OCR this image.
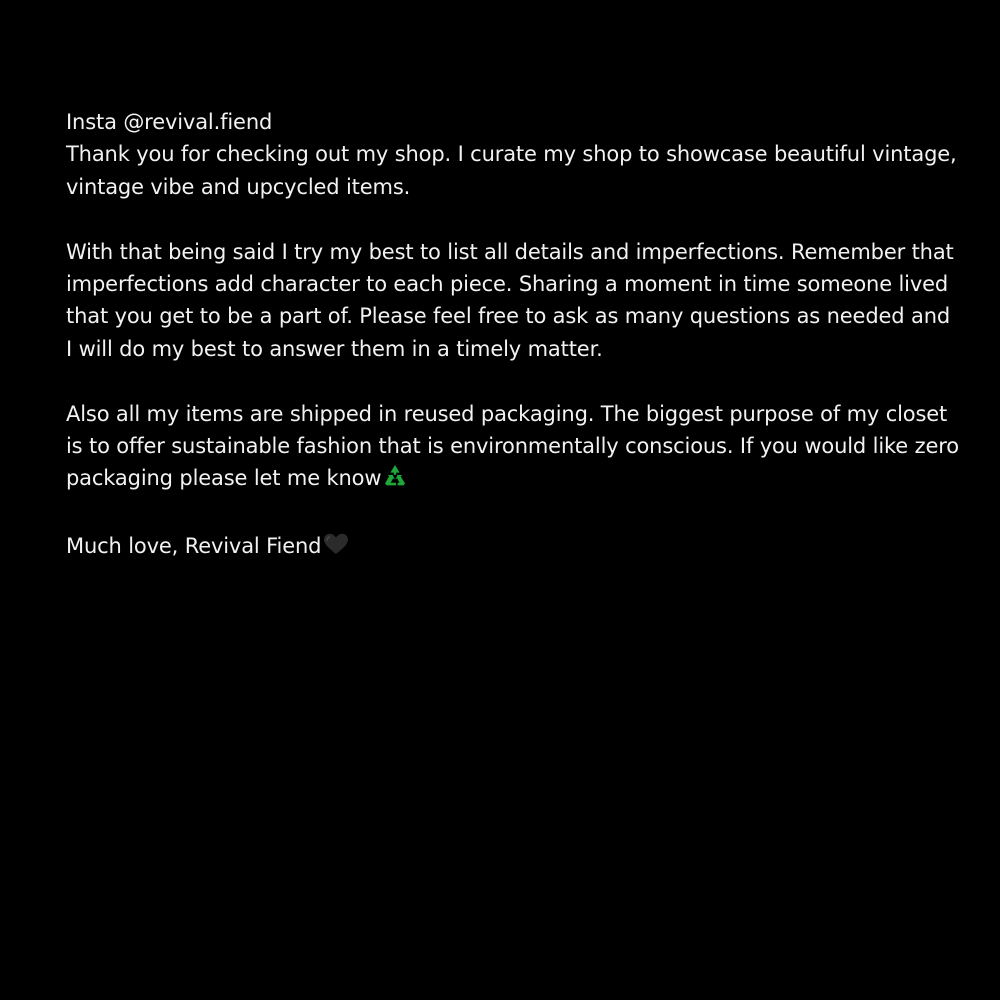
Insta @revival.fiend
Thank you for checking out my shop. I curate my shop to showcase beautiful vintage,
vintage vibe and upcycled items.
With that being said I try my best to list all details and imperfections. Remember that
imperfections add character to each piece. Sharing a moment in time someone lived
that you get to be a part of. Please feel free to ask as many questions as needed and
I will do my best to answer them in a timely matter.
Also all my items are shipped in reused packaging. The biggest purpose of my closet
is to offer sustainable fashion that is environmentally conscious. If you would like zero
packaging please let me know
Much love, Revival Fiend
